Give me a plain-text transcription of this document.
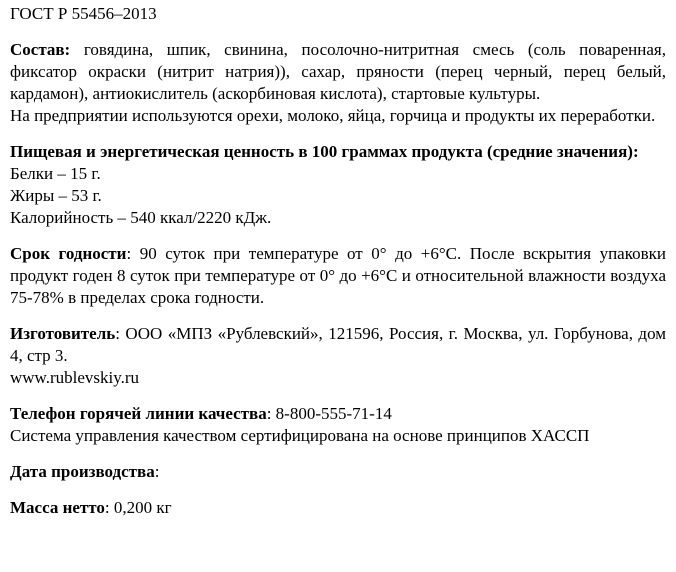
ГОСТ Р 55456–2013

Состав: говядина, шпик, свинина, посолочно-нитритная смесь (соль поваренная, фиксатор окраски (нитрит натрия)), сахар, пряности (перец черный, перец белый, кардамон), антиокислитель (аскорбиновая кислота), стартовые культуры.

На предприятии используются орехи, молоко, яйца, горчица и продукты их переработки.

Пищевая и энергетическая ценность в 100 граммах продукта (средние значения):

Белки – 15 г.

Жиры – 53 г.

Калорийность – 540 ккал/2220 кДж.

Срок годности: 90 суток при температуре от 0° до +6°С. После вскрытия упаковки продукт годен 8 суток при температуре от 0° до +6°С и относительной влажности воздуха 75-78% в пределах срока годности.

Изготовитель: ООО «МПЗ «Рублевский», 121596, Россия, г. Москва, ул. Горбунова, дом 4, стр 3.

www.rublevskiy.ru

Телефон горячей линии качества: 8-800-555-71-14

Система управления качеством сертифицирована на основе принципов ХАССП

Дата производства:

Масса нетто: 0,200 кг
